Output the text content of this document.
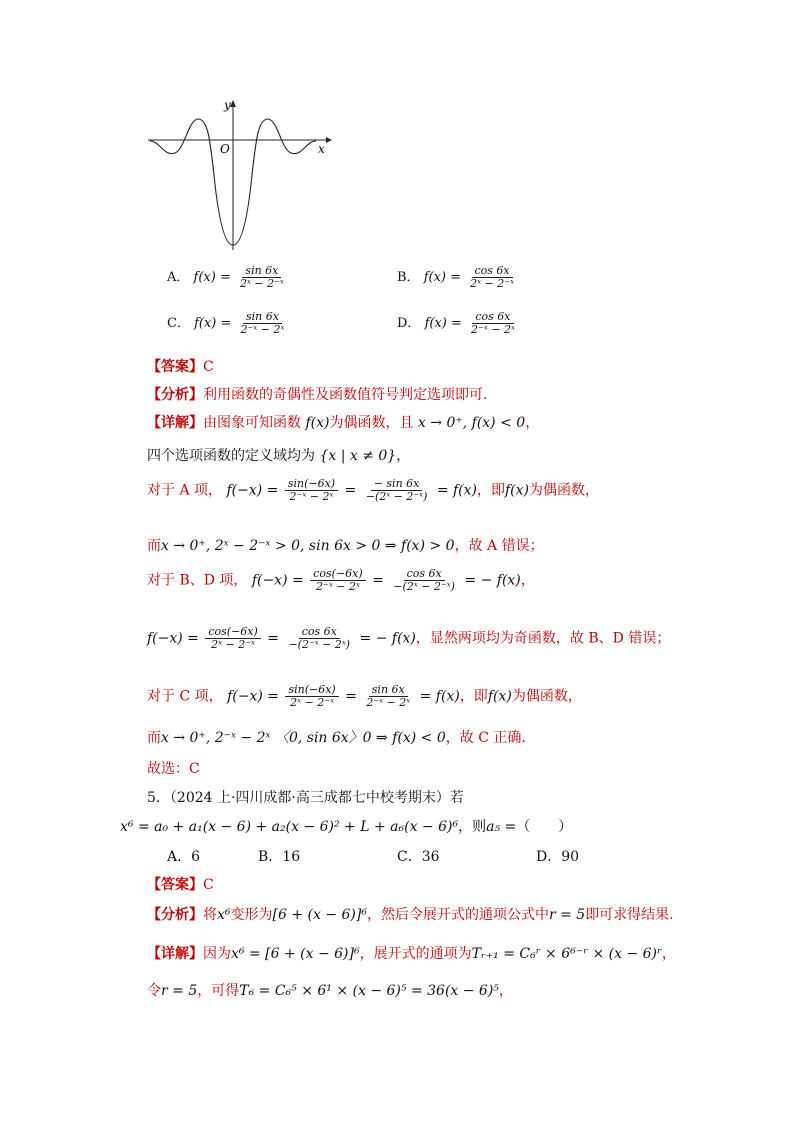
y
x
O
A． $f(x) = \frac{\sin 6x}{\text{2ˣ − 2⁻ˣ}}$	B． $f(x) = \frac{\cos 6x}{\text{2ˣ − 2⁻ˣ}}$
C． $f(x) = \frac{\sin 6x}{\text{2⁻ˣ − 2ˣ}}$	D． $f(x) = \frac{\cos 6x}{\text{2⁻ˣ − 2ˣ}}$
【答案】C
【分析】利用函数的奇偶性及函数值符号判定选项即可.
【详解】由图象可知函数 f(x)为偶函数，且 x → 0⁺, f(x) < 0，
四个选项函数的定义域均为 {x | x ≠ 0}，
对于 A 项， $f(-x) = \frac{\sin(-6x)}{\text{2⁻ˣ − 2ˣ}} = \frac{- \sin 6x}{\text{−(2ˣ − 2⁻ˣ)}} = f(x)$，即f(x)为偶函数，
而x → 0⁺, 2ˣ − 2⁻ˣ > 0, sin 6x > 0 ⇒ f(x) > 0，故 A 错误；
对于 B、D 项， $f(-x) = \frac{\cos(-6x)}{\text{2⁻ˣ − 2ˣ}} = \frac{\cos 6x}{\text{−(2ˣ − 2⁻ˣ)}}$ = − f(x)，
$f(-x) = \frac{\cos(-6x)}{\text{2ˣ − 2⁻ˣ}} = \frac{\cos 6x}{\text{−(2⁻ˣ − 2ˣ)}}$ = − f(x)，显然两项均为奇函数，故 B、D 错误；
对于 C 项， $f(-x) = \frac{\sin(-6x)}{\text{2ˣ − 2⁻ˣ}} = \frac{\sin 6x}{\text{2⁻ˣ − 2ˣ}} = f(x)$，即f(x)为偶函数，
而x → 0⁺, 2⁻ˣ − 2ˣ 〈0, sin 6x〉0 ⇒ f(x) < 0，故 C 正确.
故选：C
5．（2024 上·四川成都·高三成都七中校考期末）若
x⁶ = a₀ + a₁(x − 6) + a₂(x − 6)² + L + a₆(x − 6)⁶，则a₅ =（　　）
A．6	B．16	C．36	D．90
【答案】C
【分析】将x⁶变形为[6 + (x − 6)]⁶，然后令展开式的通项公式中r = 5即可求得结果.
【详解】因为x⁶ = [6 + (x − 6)]⁶，展开式的通项为Tᵣ₊₁ = C₆ʳ × 6⁶⁻ʳ × (x − 6)ʳ，
令r = 5，可得T₆ = C₆⁵ × 6¹ × (x − 6)⁵ = 36(x − 6)⁵，
